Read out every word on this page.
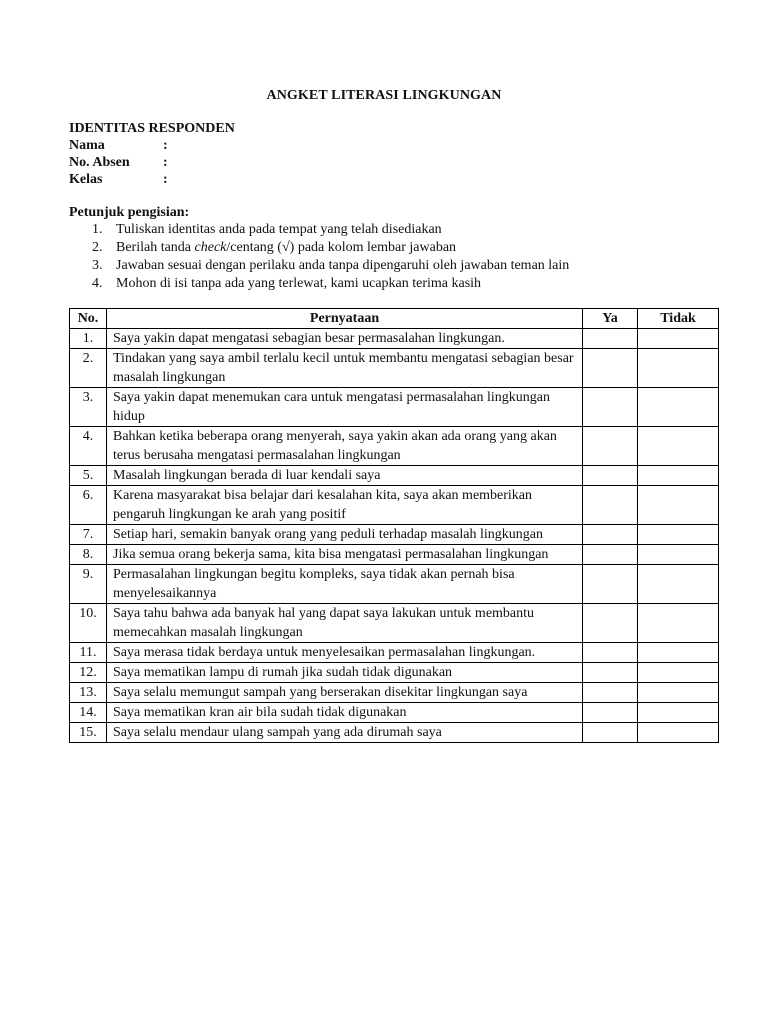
ANGKET LITERASI LINGKUNGAN
IDENTITAS RESPONDEN
Nama	:
No. Absen :
Kelas	:
Petunjuk pengisian:
1. Tuliskan identitas anda pada tempat yang telah disediakan
2. Berilah tanda check/centang (√) pada kolom lembar jawaban
3. Jawaban sesuai dengan perilaku anda tanpa dipengaruhi oleh jawaban teman lain
4. Mohon di isi tanpa ada yang terlewat, kami ucapkan terima kasih
No.	Pernyataan	Ya	Tidak
1.	Saya yakin dapat mengatasi sebagian besar permasalahan lingkungan.		
2.	Tindakan yang saya ambil terlalu kecil untuk membantu mengatasi sebagian besar masalah lingkungan		
3.	Saya yakin dapat menemukan cara untuk mengatasi permasalahan lingkungan hidup		
4.	Bahkan ketika beberapa orang menyerah, saya yakin akan ada orang yang akan terus berusaha mengatasi permasalahan lingkungan		
5.	Masalah lingkungan berada di luar kendali saya		
6.	Karena masyarakat bisa belajar dari kesalahan kita, saya akan memberikan pengaruh lingkungan ke arah yang positif		
7.	Setiap hari, semakin banyak orang yang peduli terhadap masalah lingkungan		
8.	Jika semua orang bekerja sama, kita bisa mengatasi permasalahan lingkungan		
9.	Permasalahan lingkungan begitu kompleks, saya tidak akan pernah bisa menyelesaikannya		
10.	Saya tahu bahwa ada banyak hal yang dapat saya lakukan untuk membantu memecahkan masalah lingkungan		
11.	Saya merasa tidak berdaya untuk menyelesaikan permasalahan lingkungan.		
12.	Saya mematikan lampu di rumah jika sudah tidak digunakan		
13.	Saya selalu memungut sampah yang berserakan disekitar lingkungan saya		
14.	Saya mematikan kran air bila sudah tidak digunakan		
15.	Saya selalu mendaur ulang sampah yang ada dirumah saya		
